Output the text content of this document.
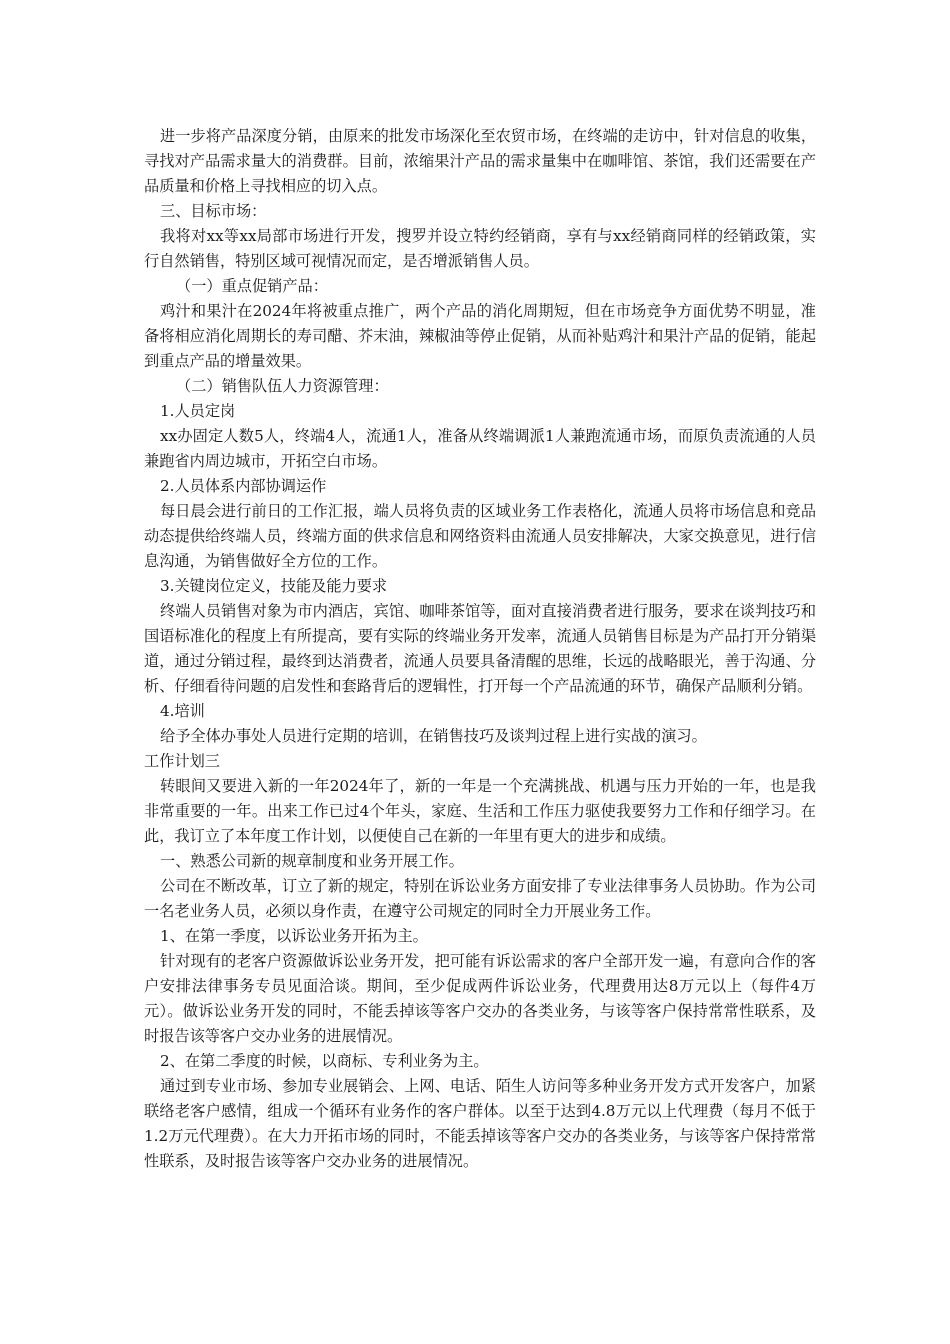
进一步将产品深度分销，由原来的批发市场深化至农贸市场，在终端的走访中，针对信息的收集，寻找对产品需求量大的消费群。目前，浓缩果汁产品的需求量集中在咖啡馆、茶馆，我们还需要在产品质量和价格上寻找相应的切入点。

三、目标市场：

我将对xx等xx局部市场进行开发，搜罗并设立特约经销商，享有与xx经销商同样的经销政策，实行自然销售，特别区域可视情况而定，是否增派销售人员。

（一）重点促销产品：

鸡汁和果汁在2024年将被重点推广，两个产品的消化周期短，但在市场竞争方面优势不明显，准备将相应消化周期长的寿司醋、芥末油，辣椒油等停止促销，从而补贴鸡汁和果汁产品的促销，能起到重点产品的增量效果。

（二）销售队伍人力资源管理：

1.人员定岗

xx办固定人数5人，终端4人，流通1人，准备从终端调派1人兼跑流通市场，而原负责流通的人员兼跑省内周边城市，开拓空白市场。

2.人员体系内部协调运作

每日晨会进行前日的工作汇报，端人员将负责的区域业务工作表格化，流通人员将市场信息和竞品动态提供给终端人员，终端方面的供求信息和网络资料由流通人员安排解决，大家交换意见，进行信息沟通，为销售做好全方位的工作。

3.关键岗位定义，技能及能力要求

终端人员销售对象为市内酒店，宾馆、咖啡茶馆等，面对直接消费者进行服务，要求在谈判技巧和国语标准化的程度上有所提高，要有实际的终端业务开发率，流通人员销售目标是为产品打开分销渠道，通过分销过程，最终到达消费者，流通人员要具备清醒的思维，长远的战略眼光，善于沟通、分析、仔细看待问题的启发性和套路背后的逻辑性，打开每一个产品流通的环节，确保产品顺利分销。

4.培训

给予全体办事处人员进行定期的培训，在销售技巧及谈判过程上进行实战的演习。

工作计划三

转眼间又要进入新的一年2024年了，新的一年是一个充满挑战、机遇与压力开始的一年，也是我非常重要的一年。出来工作已过4个年头，家庭、生活和工作压力驱使我要努力工作和仔细学习。在此，我订立了本年度工作计划，以便使自己在新的一年里有更大的进步和成绩。

一、熟悉公司新的规章制度和业务开展工作。

公司在不断改革，订立了新的规定，特别在诉讼业务方面安排了专业法律事务人员协助。作为公司一名老业务人员，必须以身作责，在遵守公司规定的同时全力开展业务工作。

1、在第一季度，以诉讼业务开拓为主。

针对现有的老客户资源做诉讼业务开发，把可能有诉讼需求的客户全部开发一遍，有意向合作的客户安排法律事务专员见面洽谈。期间，至少促成两件诉讼业务，代理费用达8万元以上（每件4万元）。做诉讼业务开发的同时，不能丢掉该等客户交办的各类业务，与该等客户保持常常性联系，及时报告该等客户交办业务的进展情况。

2、在第二季度的时候，以商标、专利业务为主。

通过到专业市场、参加专业展销会、上网、电话、陌生人访问等多种业务开发方式开发客户，加紧联络老客户感情，组成一个循环有业务作的客户群体。以至于达到4.8万元以上代理费（每月不低于1.2万元代理费）。在大力开拓市场的同时，不能丢掉该等客户交办的各类业务，与该等客户保持常常性联系，及时报告该等客户交办业务的进展情况。
